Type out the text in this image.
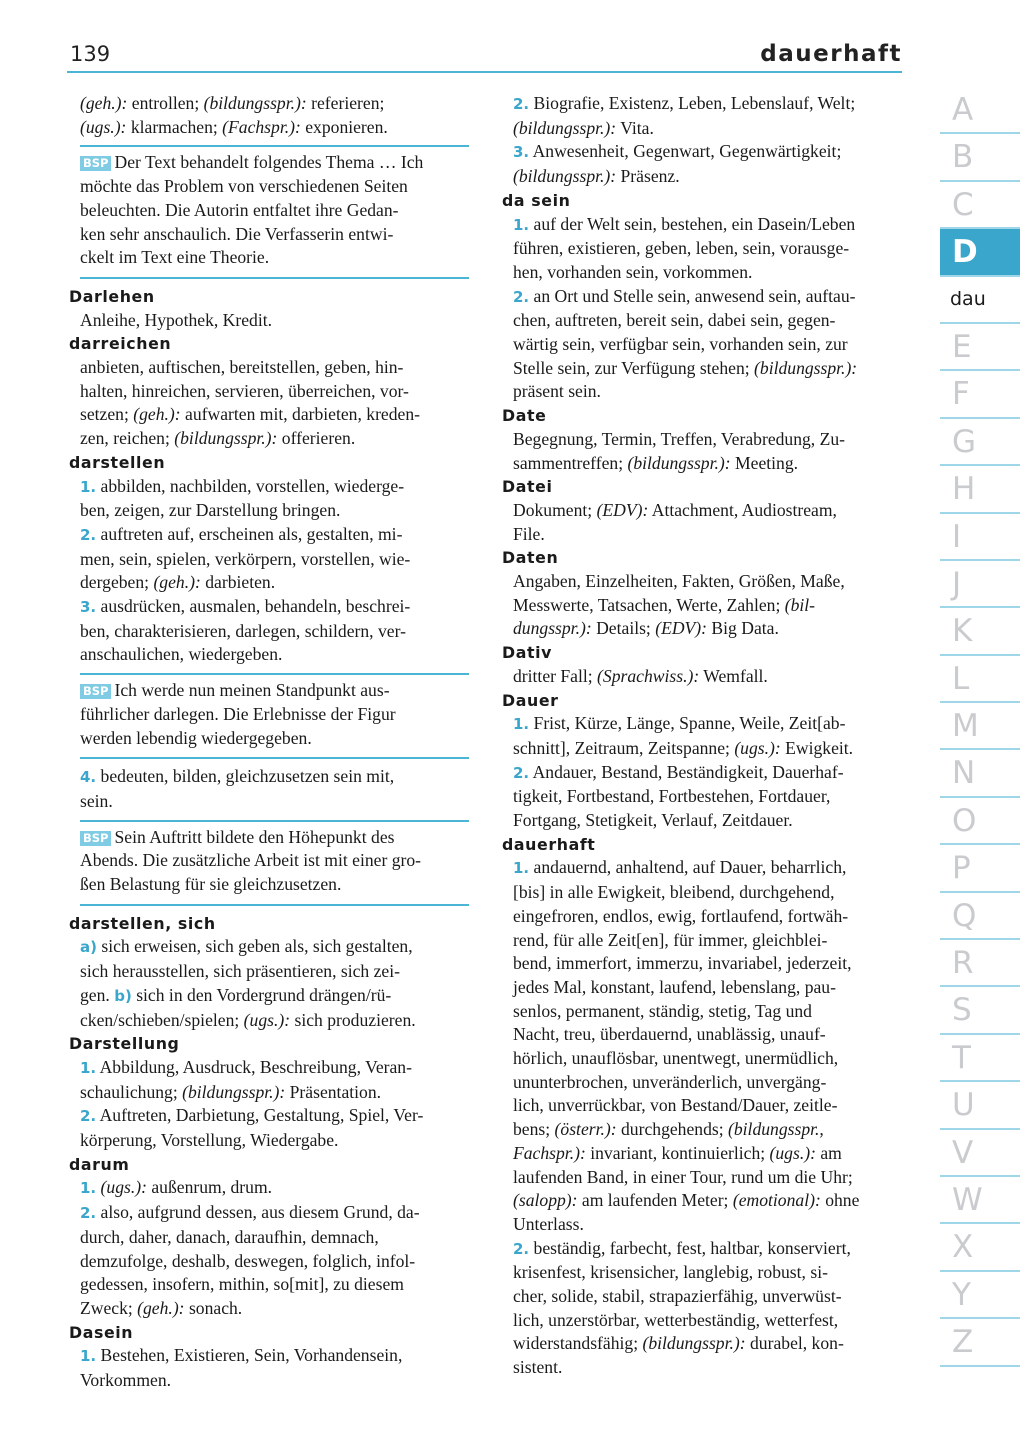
139	dauerhaft
(geh.): entrollen; (bildungsspr.): referieren;
(ugs.): klarmachen; (Fachspr.): exponieren.
BSP Der Text behandelt folgendes Thema … Ich
möchte das Problem von verschiedenen Seiten
beleuchten. Die Autorin entfaltet ihre Gedan-
ken sehr anschaulich. Die Verfasserin entwi-
ckelt im Text eine Theorie.
Darlehen
Anleihe, Hypothek, Kredit.
darreichen
anbieten, auftischen, bereitstellen, geben, hin-
halten, hinreichen, servieren, überreichen, vor-
setzen; (geh.): aufwarten mit, darbieten, kreden-
zen, reichen; (bildungsspr.): offerieren.
darstellen
1. abbilden, nachbilden, vorstellen, wiederge-
ben, zeigen, zur Darstellung bringen.
2. auftreten auf, erscheinen als, gestalten, mi-
men, sein, spielen, verkörpern, vorstellen, wie-
dergeben; (geh.): darbieten.
3. ausdrücken, ausmalen, behandeln, beschrei-
ben, charakterisieren, darlegen, schildern, ver-
anschaulichen, wiedergeben.
BSP Ich werde nun meinen Standpunkt aus-
führlicher darlegen. Die Erlebnisse der Figur
werden lebendig wiedergegeben.
4. bedeuten, bilden, gleichzusetzen sein mit,
sein.
BSP Sein Auftritt bildete den Höhepunkt des
Abends. Die zusätzliche Arbeit ist mit einer gro-
ßen Belastung für sie gleichzusetzen.
darstellen, sich
a) sich erweisen, sich geben als, sich gestalten,
sich herausstellen, sich präsentieren, sich zei-
gen. b) sich in den Vordergrund drängen/rü-
cken/schieben/spielen; (ugs.): sich produzieren.
Darstellung
1. Abbildung, Ausdruck, Beschreibung, Veran-
schaulichung; (bildungsspr.): Präsentation.
2. Auftreten, Darbietung, Gestaltung, Spiel, Ver-
körperung, Vorstellung, Wiedergabe.
darum
1. (ugs.): außenrum, drum.
2. also, aufgrund dessen, aus diesem Grund, da-
durch, daher, danach, daraufhin, demnach,
demzufolge, deshalb, deswegen, folglich, infol-
gedessen, insofern, mithin, so[mit], zu diesem
Zweck; (geh.): sonach.
Dasein
1. Bestehen, Existieren, Sein, Vorhandensein,
Vorkommen.
2. Biografie, Existenz, Leben, Lebenslauf, Welt;
(bildungsspr.): Vita.
3. Anwesenheit, Gegenwart, Gegenwärtigkeit;
(bildungsspr.): Präsenz.
da sein
1. auf der Welt sein, bestehen, ein Dasein/Leben
führen, existieren, geben, leben, sein, vorausge-
hen, vorhanden sein, vorkommen.
2. an Ort und Stelle sein, anwesend sein, auftau-
chen, auftreten, bereit sein, dabei sein, gegen-
wärtig sein, verfügbar sein, vorhanden sein, zur
Stelle sein, zur Verfügung stehen; (bildungsspr.):
präsent sein.
Date
Begegnung, Termin, Treffen, Verabredung, Zu-
sammentreffen; (bildungsspr.): Meeting.
Datei
Dokument; (EDV): Attachment, Audiostream,
File.
Daten
Angaben, Einzelheiten, Fakten, Größen, Maße,
Messwerte, Tatsachen, Werte, Zahlen; (bil-
dungsspr.): Details; (EDV): Big Data.
Dativ
dritter Fall; (Sprachwiss.): Wemfall.
Dauer
1. Frist, Kürze, Länge, Spanne, Weile, Zeit[ab-
schnitt], Zeitraum, Zeitspanne; (ugs.): Ewigkeit.
2. Andauer, Bestand, Beständigkeit, Dauerhaf-
tigkeit, Fortbestand, Fortbestehen, Fortdauer,
Fortgang, Stetigkeit, Verlauf, Zeitdauer.
dauerhaft
1. andauernd, anhaltend, auf Dauer, beharrlich,
[bis] in alle Ewigkeit, bleibend, durchgehend,
eingefroren, endlos, ewig, fortlaufend, fortwäh-
rend, für alle Zeit[en], für immer, gleichblei-
bend, immerfort, immerzu, invariabel, jederzeit,
jedes Mal, konstant, laufend, lebenslang, pau-
senlos, permanent, ständig, stetig, Tag und
Nacht, treu, überdauernd, unablässig, unauf-
hörlich, unauflösbar, unentwegt, unermüdlich,
ununterbrochen, unveränderlich, unvergäng-
lich, unverrückbar, von Bestand/Dauer, zeitle-
bens; (österr.): durchgehends; (bildungsspr.,
Fachspr.): invariant, kontinuierlich; (ugs.): am
laufenden Band, in einer Tour, rund um die Uhr;
(salopp): am laufenden Meter; (emotional): ohne
Unterlass.
2. beständig, farbecht, fest, haltbar, konserviert,
krisenfest, krisensicher, langlebig, robust, si-
cher, solide, stabil, strapazierfähig, unverwüst-
lich, unzerstörbar, wetterbeständig, wetterfest,
widerstandsfähig; (bildungsspr.): durabel, kon-
sistent.
A
B
C
D
dau
E
F
G
H
I
J
K
L
M
N
O
P
Q
R
S
T
U
V
W
X
Y
Z
